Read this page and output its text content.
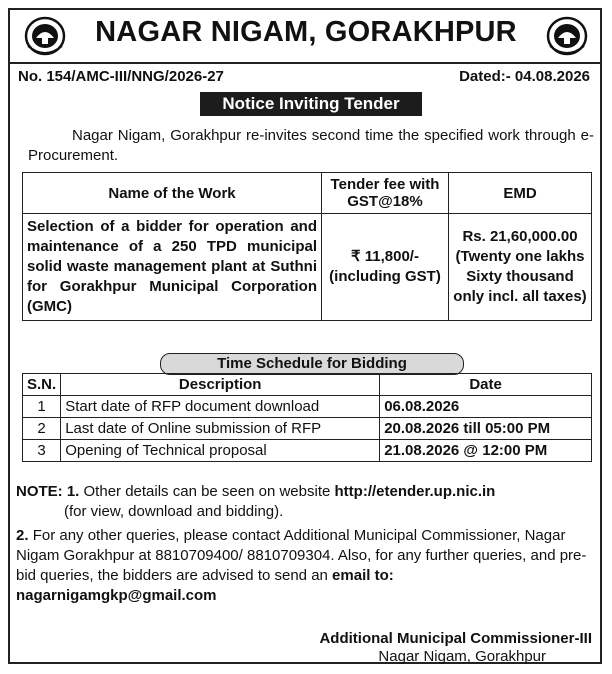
NAGAR NIGAM, GORAKHPUR
No. 154/AMC-III/NNG/2026-27	Dated:- 04.08.2026
Notice Inviting Tender
Nagar Nigam, Gorakhpur re-invites second time the specified work through e-Procurement.
Name of the Work	Tender fee with GST@18%	EMD
Selection of a bidder for operation and maintenance of a 250 TPD municipal solid waste management plant at Suthni for Gorakhpur Municipal Corporation (GMC)	₹ 11,800/- (including GST)	Rs. 21,60,000.00 (Twenty one lakhs Sixty thousand only incl. all taxes)
Time Schedule for Bidding
S.N.	Description	Date
1	Start date of RFP document download	06.08.2026
2	Last date of Online submission of RFP	20.08.2026 till 05:00 PM
3	Opening of Technical proposal	21.08.2026 @ 12:00 PM
NOTE: 1. Other details can be seen on website http://etender.up.nic.in
(for view, download and bidding).
2. For any other queries, please contact Additional Municipal Commissioner, Nagar Nigam Gorakhpur at 8810709400/ 8810709304. Also, for any further queries, and pre-bid queries, the bidders are advised to send an email to: nagarnigamgkp@gmail.com
Additional Municipal Commissioner-III
Nagar Nigam, Gorakhpur
